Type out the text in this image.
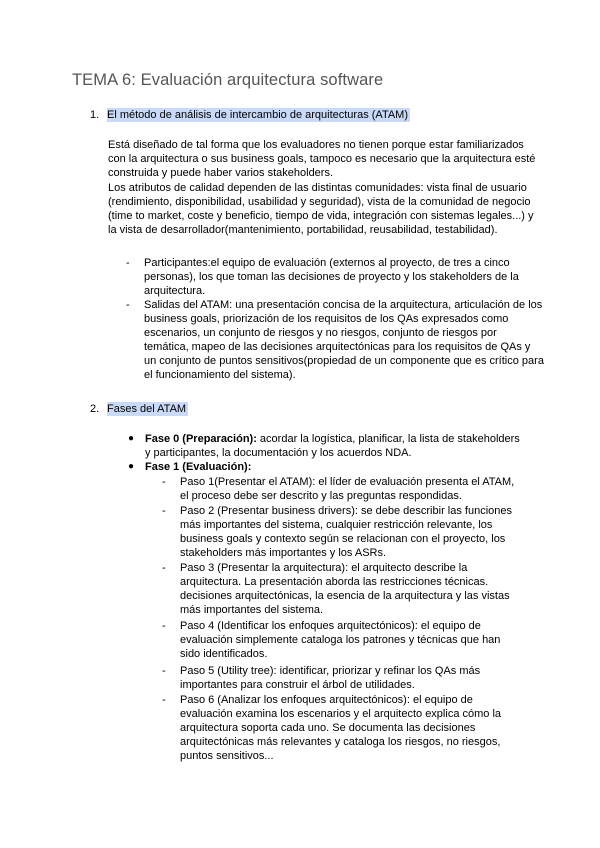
TEMA 6: Evaluación arquitectura software
1. El método de análisis de intercambio de arquitecturas (ATAM)

Está diseñado de tal forma que los evaluadores no tienen porque estar familiarizados con la arquitectura o sus business goals, tampoco es necesario que la arquitectura esté construida y puede haber varios stakeholders.

Los atributos de calidad dependen de las distintas comunidades: vista final de usuario (rendimiento, disponibilidad, usabilidad y seguridad), vista de la comunidad de negocio (time to market, coste y beneficio, tiempo de vida, integración con sistemas legales...) y la vista de desarrollador(mantenimiento, portabilidad, reusabilidad, testabilidad).

- Participantes:el equipo de evaluación (externos al proyecto, de tres a cinco personas), los que toman las decisiones de proyecto y los stakeholders de la arquitectura.
- Salidas del ATAM: una presentación concisa de la arquitectura, articulación de los business goals, priorización de los requisitos de los QAs expresados como escenarios, un conjunto de riesgos y no riesgos, conjunto de riesgos por temática, mapeo de las decisiones arquitectónicas para los requisitos de QAs y un conjunto de puntos sensitivos(propiedad de un componente que es crítico para el funcionamiento del sistema).
2. Fases del ATAM
● Fase 0 (Preparación): acordar la logística, planificar, la lista de stakeholders y participantes, la documentación y los acuerdos NDA.
● Fase 1 (Evaluación):
- Paso 1(Presentar el ATAM): el líder de evaluación presenta el ATAM, el proceso debe ser descrito y las preguntas respondidas.
- Paso 2 (Presentar business drivers): se debe describir las funciones más importantes del sistema, cualquier restricción relevante, los business goals y contexto según se relacionan con el proyecto, los stakeholders más importantes y los ASRs.
- Paso 3 (Presentar la arquitectura): el arquitecto describe la arquitectura. La presentación aborda las restricciones técnicas. decisiones arquitectónicas, la esencia de la arquitectura y las vistas más importantes del sistema.
- Paso 4 (Identificar los enfoques arquitectónicos): el equipo de evaluación simplemente cataloga los patrones y técnicas que han sido identificados.
- Paso 5 (Utility tree): identificar, priorizar y refinar los QAs más importantes para construir el árbol de utilidades.
- Paso 6 (Analizar los enfoques arquitectónicos): el equipo de evaluación examina los escenarios y el arquitecto explica cómo la arquitectura soporta cada uno. Se documenta las decisiones arquitectónicas más relevantes y cataloga los riesgos, no riesgos, puntos sensitivos...
